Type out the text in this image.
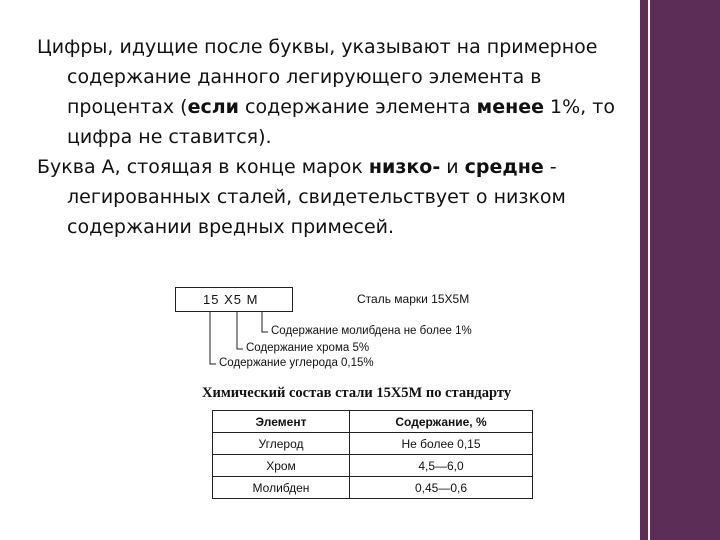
Цифры, идущие после буквы, указывают на примерное содержание данного легирующего элемента в процентах (если содержание элемента менее 1%, то цифра не ставится).
Буква А, стоящая в конце марок низко- и средне - легированных сталей, свидетельствует о низком содержании вредных примесей.
15 Х5 М	Сталь марки 15Х5М
Содержание молибдена не более 1%
Содержание хрома 5%
Содержание углерода 0,15%
Химический состав стали 15Х5М по стандарту
Элемент	Содержание, %
Углерод	Не более 0,15
Хром	4,5—6,0
Молибден	0,45—0,6
